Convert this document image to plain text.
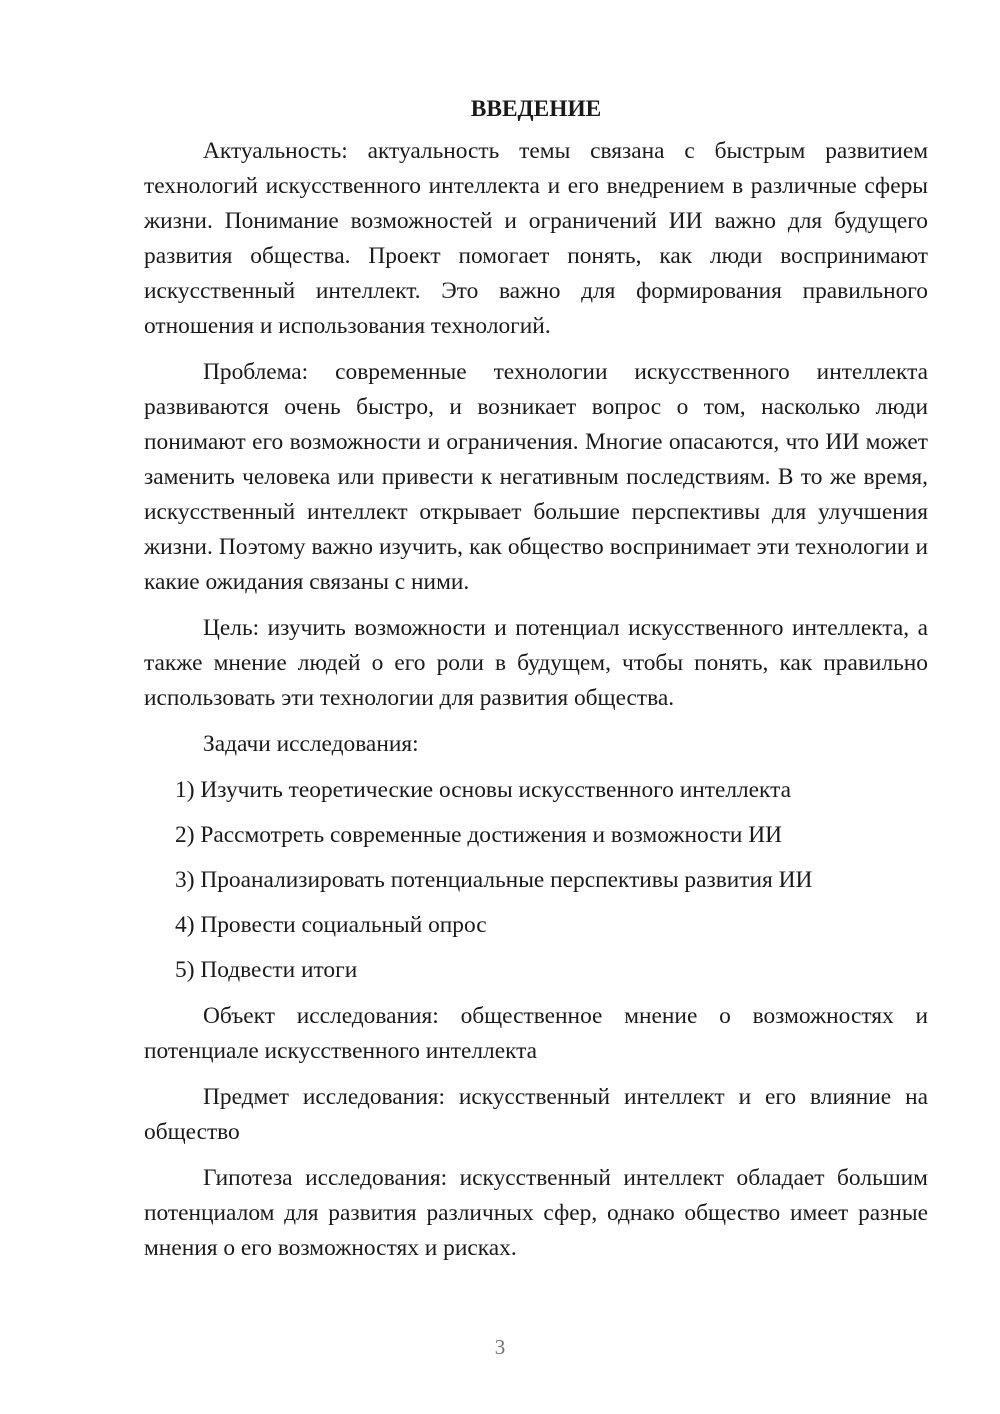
ВВЕДЕНИЕ

Актуальность: актуальность темы связана с быстрым развитием технологий искусственного интеллекта и его внедрением в различные сферы жизни. Понимание возможностей и ограничений ИИ важно для будущего развития общества. Проект помогает понять, как люди воспринимают искусственный интеллект. Это важно для формирования правильного отношения и использования технологий.

Проблема: современные технологии искусственного интеллекта развиваются очень быстро, и возникает вопрос о том, насколько люди понимают его возможности и ограничения. Многие опасаются, что ИИ может заменить человека или привести к негативным последствиям. В то же время, искусственный интеллект открывает большие перспективы для улучшения жизни. Поэтому важно изучить, как общество воспринимает эти технологии и какие ожидания связаны с ними.

Цель: изучить возможности и потенциал искусственного интеллекта, а также мнение людей о его роли в будущем, чтобы понять, как правильно использовать эти технологии для развития общества.

Задачи исследования:

1) Изучить теоретические основы искусственного интеллекта
2) Рассмотреть современные достижения и возможности ИИ
3) Проанализировать потенциальные перспективы развития ИИ
4) Провести социальный опрос
5) Подвести итоги

Объект исследования: общественное мнение о возможностях и потенциале искусственного интеллекта

Предмет исследования: искусственный интеллект и его влияние на общество

Гипотеза исследования: искусственный интеллект обладает большим потенциалом для развития различных сфер, однако общество имеет разные мнения о его возможностях и рисках.

3
